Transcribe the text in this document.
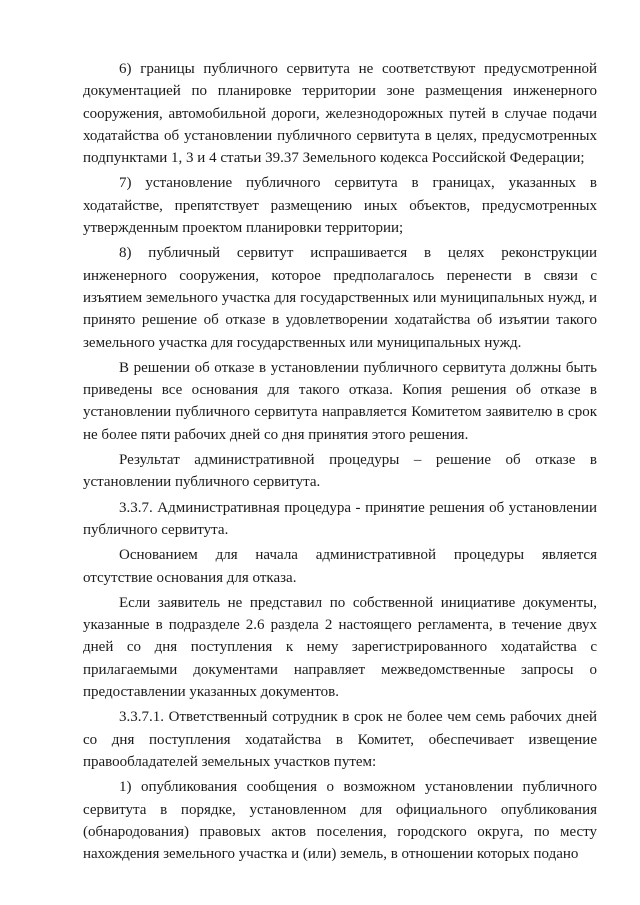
6) границы публичного сервитута не соответствуют предусмотренной документацией по планировке территории зоне размещения инженерного сооружения, автомобильной дороги, железнодорожных путей в случае подачи ходатайства об установлении публичного сервитута в целях, предусмотренных подпунктами 1, 3 и 4 статьи 39.37 Земельного кодекса Российской Федерации;

7) установление публичного сервитута в границах, указанных в ходатайстве, препятствует размещению иных объектов, предусмотренных утвержденным проектом планировки территории;

8) публичный сервитут испрашивается в целях реконструкции инженерного сооружения, которое предполагалось перенести в связи с изъятием земельного участка для государственных или муниципальных нужд, и принято решение об отказе в удовлетворении ходатайства об изъятии такого земельного участка для государственных или муниципальных нужд.

В решении об отказе в установлении публичного сервитута должны быть приведены все основания для такого отказа. Копия решения об отказе в установлении публичного сервитута направляется Комитетом заявителю в срок не более пяти рабочих дней со дня принятия этого решения.

Результат административной процедуры – решение об отказе в установлении публичного сервитута.

3.3.7. Административная процедура - принятие решения об установлении публичного сервитута.

Основанием для начала административной процедуры является отсутствие основания для отказа.

Если заявитель не представил по собственной инициативе документы, указанные в подразделе 2.6 раздела 2 настоящего регламента, в течение двух дней со дня поступления к нему зарегистрированного ходатайства с прилагаемыми документами направляет межведомственные запросы о предоставлении указанных документов.

3.3.7.1. Ответственный сотрудник в срок не более чем семь рабочих дней со дня поступления ходатайства в Комитет, обеспечивает извещение правообладателей земельных участков путем:

1) опубликования сообщения о возможном установлении публичного сервитута в порядке, установленном для официального опубликования (обнародования) правовых актов поселения, городского округа, по месту нахождения земельного участка и (или) земель, в отношении которых подано
